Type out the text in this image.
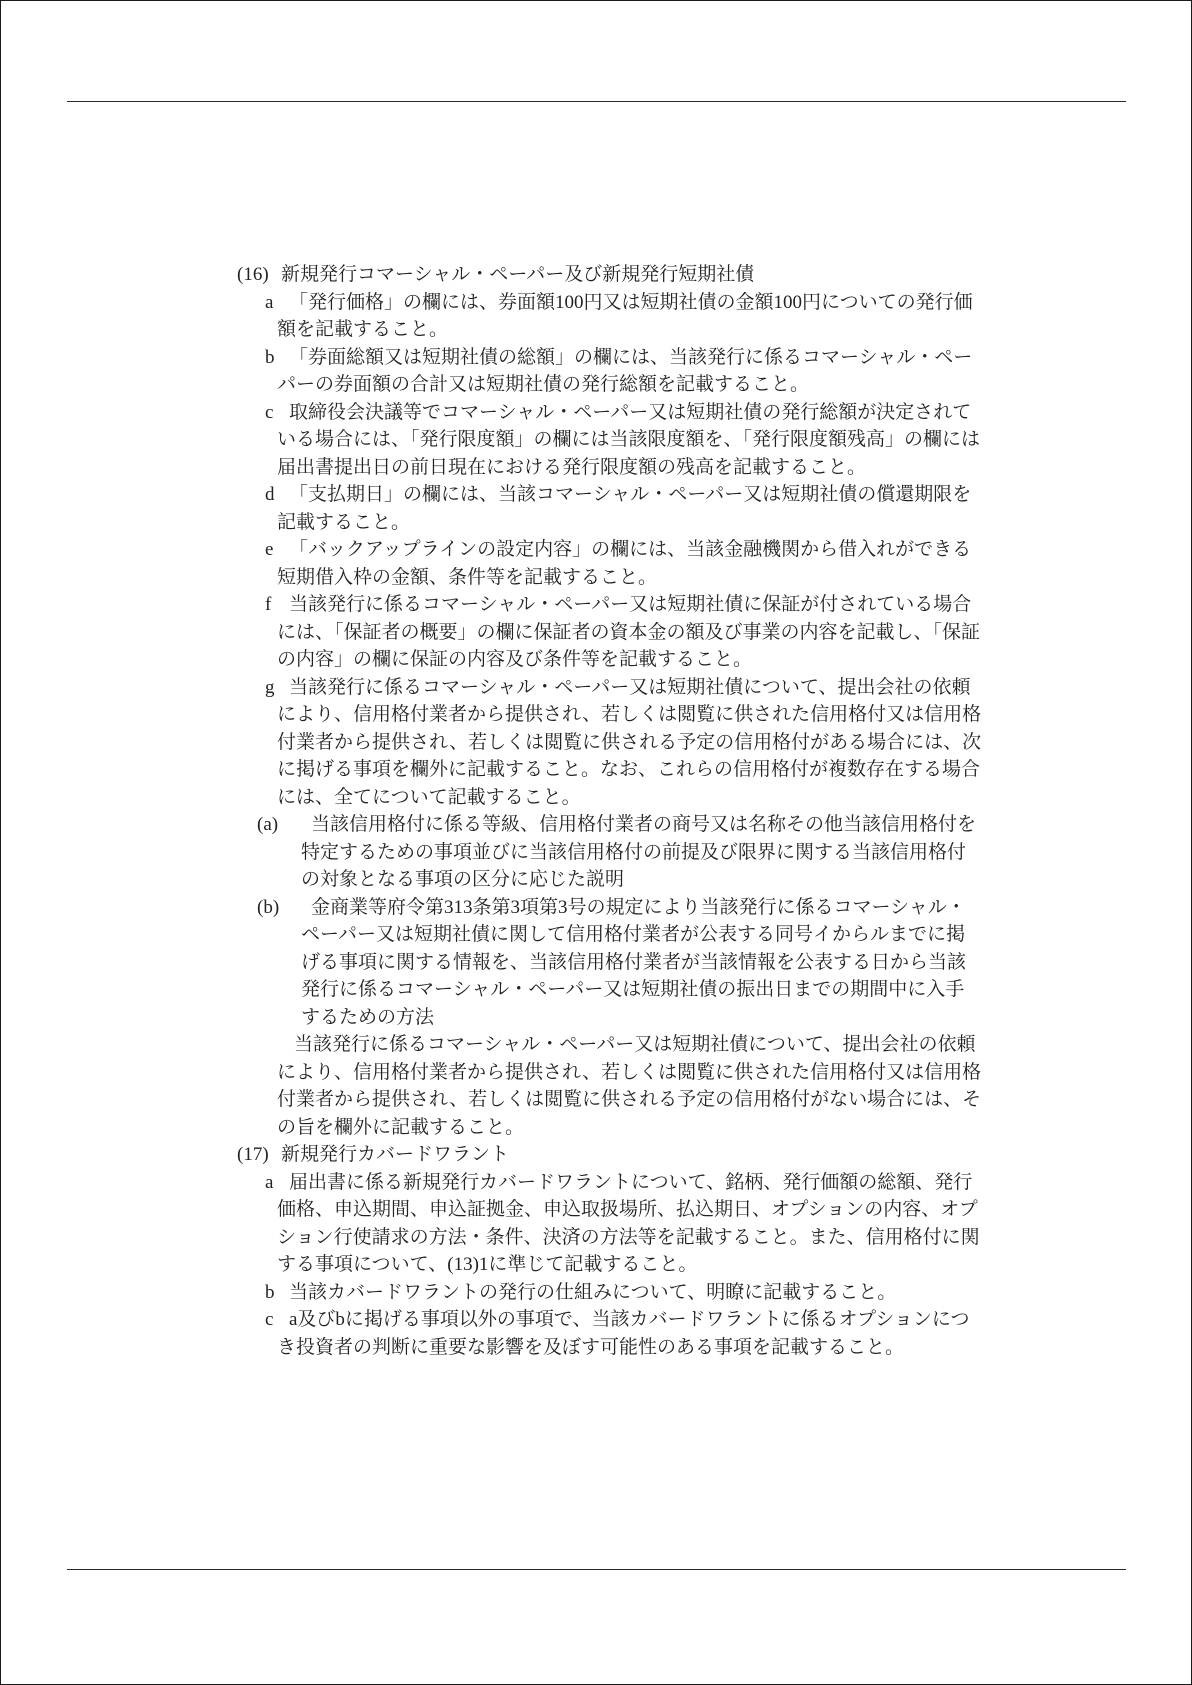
(16) 新規発行コマーシャル・ペーパー及び新規発行短期社債
a 「発行価格」の欄には、券面額100円又は短期社債の金額100円についての発行価
額を記載すること。
b 「券面総額又は短期社債の総額」の欄には、当該発行に係るコマーシャル・ペー
パーの券面額の合計又は短期社債の発行総額を記載すること。
c 取締役会決議等でコマーシャル・ペーパー又は短期社債の発行総額が決定されて
いる場合には、「発行限度額」の欄には当該限度額を、「発行限度額残高」の欄には
届出書提出日の前日現在における発行限度額の残高を記載すること。
d 「支払期日」の欄には、当該コマーシャル・ペーパー又は短期社債の償還期限を
記載すること。
e 「バックアップラインの設定内容」の欄には、当該金融機関から借入れができる
短期借入枠の金額、条件等を記載すること。
f 当該発行に係るコマーシャル・ペーパー又は短期社債に保証が付されている場合
には、「保証者の概要」の欄に保証者の資本金の額及び事業の内容を記載し、「保証
の内容」の欄に保証の内容及び条件等を記載すること。
g 当該発行に係るコマーシャル・ペーパー又は短期社債について、提出会社の依頼
により、信用格付業者から提供され、若しくは閲覧に供された信用格付又は信用格
付業者から提供され、若しくは閲覧に供される予定の信用格付がある場合には、次
に掲げる事項を欄外に記載すること。なお、これらの信用格付が複数存在する場合
には、全てについて記載すること。
(a)	当該信用格付に係る等級、信用格付業者の商号又は名称その他当該信用格付を
特定するための事項並びに当該信用格付の前提及び限界に関する当該信用格付
の対象となる事項の区分に応じた説明
(b)	金商業等府令第313条第3項第3号の規定により当該発行に係るコマーシャル・
ペーパー又は短期社債に関して信用格付業者が公表する同号イからルまでに掲
げる事項に関する情報を、当該信用格付業者が当該情報を公表する日から当該
発行に係るコマーシャル・ペーパー又は短期社債の振出日までの期間中に入手
するための方法
当該発行に係るコマーシャル・ペーパー又は短期社債について、提出会社の依頼
により、信用格付業者から提供され、若しくは閲覧に供された信用格付又は信用格
付業者から提供され、若しくは閲覧に供される予定の信用格付がない場合には、そ
の旨を欄外に記載すること。
(17) 新規発行カバードワラント
a 届出書に係る新規発行カバードワラントについて、銘柄、発行価額の総額、発行
価格、申込期間、申込証拠金、申込取扱場所、払込期日、オプションの内容、オプ
ション行使請求の方法・条件、決済の方法等を記載すること。また、信用格付に関
する事項について、(13)1に準じて記載すること。
b 当該カバードワラントの発行の仕組みについて、明瞭に記載すること。
c a及びbに掲げる事項以外の事項で、当該カバードワラントに係るオプションにつ
き投資者の判断に重要な影響を及ぼす可能性のある事項を記載すること。
